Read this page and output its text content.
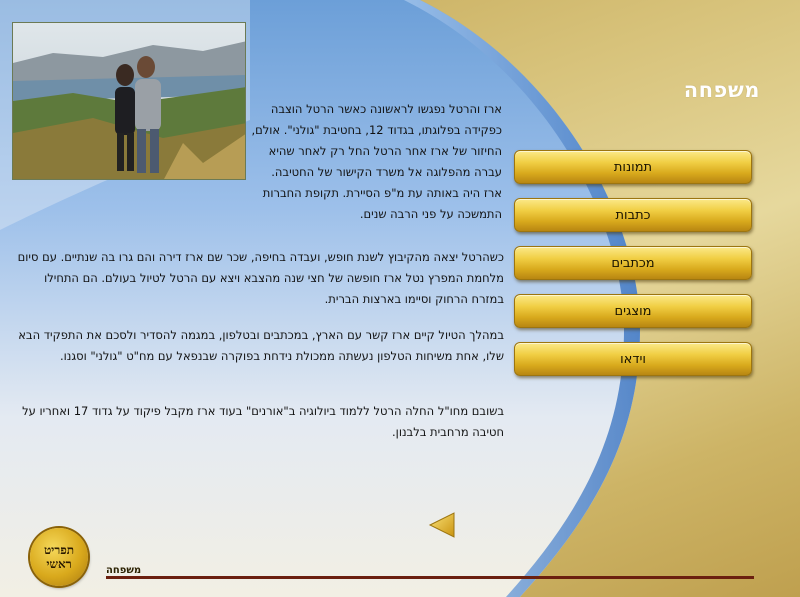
משפחה
ארז והרטל נפגשו לראשונה כאשר הרטל הוצבה כפקידה בפלוגתו, בגדוד 12, בחטיבת "גולני". אולם, החיזור של ארז אחר הרטל החל רק לאחר שהיא עברה מהפלוגה אל משרד הקישור של החטיבה. ארז היה באותה עת מ"פ הסיירת. תקופת החברות התמשכה על פני הרבה שנים.
כשהרטל יצאה מהקיבוץ לשנת חופש, ועבדה בחיפה, שכר שם ארז דירה והם גרו בה שנתיים. עם סיום מלחמת המפרץ נטל ארז חופשה של חצי שנה מהצבא ויצא עם הרטל לטיול בעולם. הם התחילו במזרח הרחוק וסיימו בארצות הברית.
במהלך הטיול קיים ארז קשר עם הארץ, במכתבים ובטלפון, במגמה להסדיר ולסכם את התפקיד הבא שלו, אחת משיחות הטלפון נעשתה ממכולת נידחת בפוקרה שבנפאל עם מח"ט "גולני" וסגנו.
בשובם מחו"ל החלה הרטל ללמוד ביולוגיה ב"אורנים" בעוד ארז מקבל פיקוד על גדוד 17 ואחריו על חטיבה מרחבית בלבנון.
תמונות
כתבות
מכתבים
מוצגים
וידאו
תפריט
ראשי	משפחה
